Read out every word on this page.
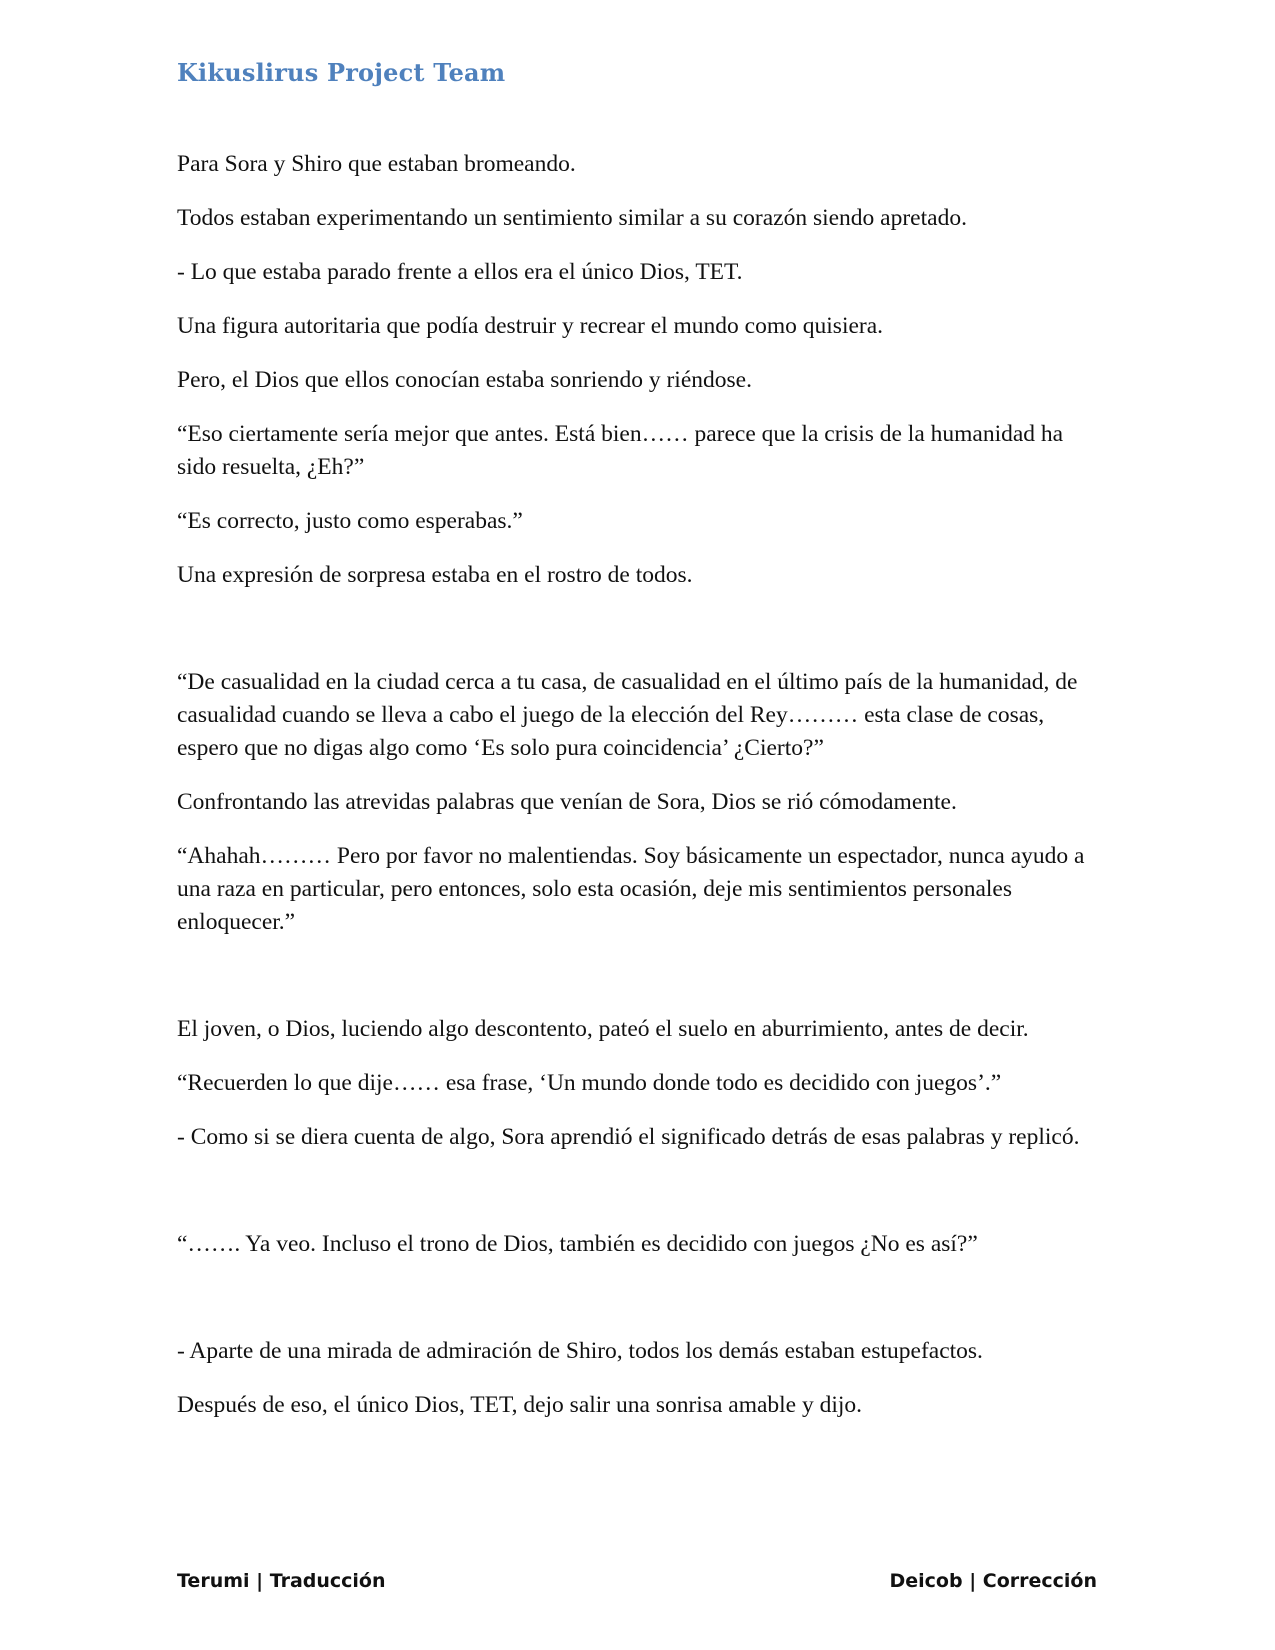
Kikuslirus Project Team

Para Sora y Shiro que estaban bromeando.

Todos estaban experimentando un sentimiento similar a su corazón siendo apretado.

- Lo que estaba parado frente a ellos era el único Dios, TET.

Una figura autoritaria que podía destruir y recrear el mundo como quisiera.

Pero, el Dios que ellos conocían estaba sonriendo y riéndose.

“Eso ciertamente sería mejor que antes. Está bien…… parece que la crisis de la humanidad ha sido resuelta, ¿Eh?”

“Es correcto, justo como esperabas.”

Una expresión de sorpresa estaba en el rostro de todos.

“De casualidad en la ciudad cerca a tu casa, de casualidad en el último país de la humanidad, de casualidad cuando se lleva a cabo el juego de la elección del Rey……… esta clase de cosas, espero que no digas algo como ‘Es solo pura coincidencia’ ¿Cierto?”

Confrontando las atrevidas palabras que venían de Sora, Dios se rió cómodamente.

“Ahahah……… Pero por favor no malentiendas. Soy básicamente un espectador, nunca ayudo a una raza en particular, pero entonces, solo esta ocasión, deje mis sentimientos personales enloquecer.”

El joven, o Dios, luciendo algo descontento, pateó el suelo en aburrimiento, antes de decir.

“Recuerden lo que dije…… esa frase, ‘Un mundo donde todo es decidido con juegos’.”

- Como si se diera cuenta de algo, Sora aprendió el significado detrás de esas palabras y replicó.

“……. Ya veo. Incluso el trono de Dios, también es decidido con juegos ¿No es así?”

- Aparte de una mirada de admiración de Shiro, todos los demás estaban estupefactos.

Después de eso, el único Dios, TET, dejo salir una sonrisa amable y dijo.

Terumi | Traducción	Deicob | Corrección
